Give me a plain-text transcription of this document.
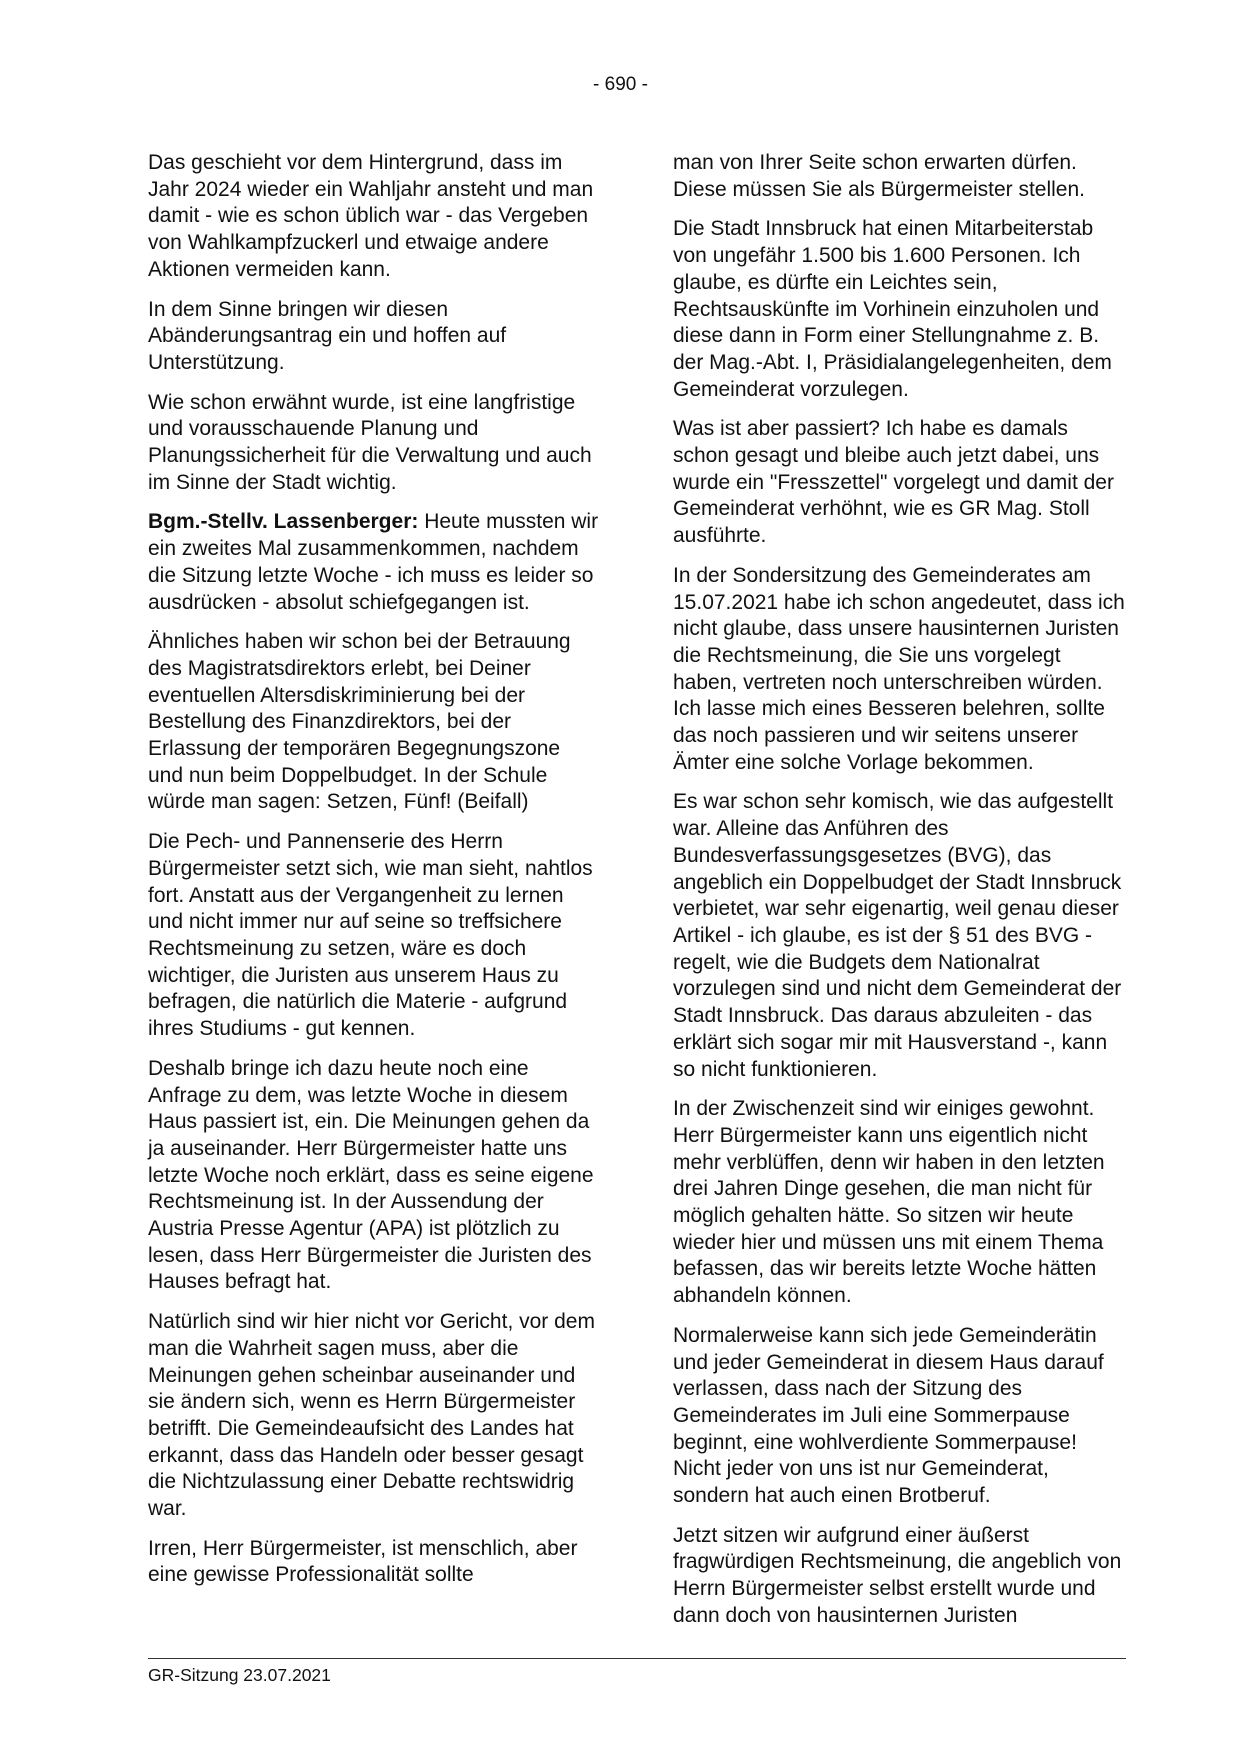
- 690 -

Das geschieht vor dem Hintergrund, dass im Jahr 2024 wieder ein Wahljahr ansteht und man damit - wie es schon üblich war - das Vergeben von Wahlkampfzuckerl und etwaige andere Aktionen vermeiden kann.

In dem Sinne bringen wir diesen Abänderungsantrag ein und hoffen auf Unterstützung.

Wie schon erwähnt wurde, ist eine langfristige und vorausschauende Planung und Planungssicherheit für die Verwaltung und auch im Sinne der Stadt wichtig.

Bgm.-Stellv. Lassenberger: Heute mussten wir ein zweites Mal zusammenkommen, nachdem die Sitzung letzte Woche - ich muss es leider so ausdrücken - absolut schiefgegangen ist.

Ähnliches haben wir schon bei der Betrauung des Magistratsdirektors erlebt, bei Deiner eventuellen Altersdiskriminierung bei der Bestellung des Finanzdirektors, bei der Erlassung der temporären Begegnungszone und nun beim Doppelbudget. In der Schule würde man sagen: Setzen, Fünf! (Beifall)

Die Pech- und Pannenserie des Herrn Bürgermeister setzt sich, wie man sieht, nahtlos fort. Anstatt aus der Vergangenheit zu lernen und nicht immer nur auf seine so treffsichere Rechtsmeinung zu setzen, wäre es doch wichtiger, die Juristen aus unserem Haus zu befragen, die natürlich die Materie - aufgrund ihres Studiums - gut kennen.

Deshalb bringe ich dazu heute noch eine Anfrage zu dem, was letzte Woche in diesem Haus passiert ist, ein. Die Meinungen gehen da ja auseinander. Herr Bürgermeister hatte uns letzte Woche noch erklärt, dass es seine eigene Rechtsmeinung ist. In der Aussendung der Austria Presse Agentur (APA) ist plötzlich zu lesen, dass Herr Bürgermeister die Juristen des Hauses befragt hat.

Natürlich sind wir hier nicht vor Gericht, vor dem man die Wahrheit sagen muss, aber die Meinungen gehen scheinbar auseinander und sie ändern sich, wenn es Herrn Bürgermeister betrifft. Die Gemeindeaufsicht des Landes hat erkannt, dass das Handeln oder besser gesagt die Nichtzulassung einer Debatte rechtswidrig war.

Irren, Herr Bürgermeister, ist menschlich, aber eine gewisse Professionalität sollte

man von Ihrer Seite schon erwarten dürfen. Diese müssen Sie als Bürgermeister stellen.

Die Stadt Innsbruck hat einen Mitarbeiterstab von ungefähr 1.500 bis 1.600 Personen. Ich glaube, es dürfte ein Leichtes sein, Rechtsauskünfte im Vorhinein einzuholen und diese dann in Form einer Stellungnahme z. B. der Mag.-Abt. I, Präsidialangelegenheiten, dem Gemeinderat vorzulegen.

Was ist aber passiert? Ich habe es damals schon gesagt und bleibe auch jetzt dabei, uns wurde ein "Fresszettel" vorgelegt und damit der Gemeinderat verhöhnt, wie es GR Mag. Stoll ausführte.

In der Sondersitzung des Gemeinderates am 15.07.2021 habe ich schon angedeutet, dass ich nicht glaube, dass unsere hausinternen Juristen die Rechtsmeinung, die Sie uns vorgelegt haben, vertreten noch unterschreiben würden. Ich lasse mich eines Besseren belehren, sollte das noch passieren und wir seitens unserer Ämter eine solche Vorlage bekommen.

Es war schon sehr komisch, wie das aufgestellt war. Alleine das Anführen des Bundesverfassungsgesetzes (BVG), das angeblich ein Doppelbudget der Stadt Innsbruck verbietet, war sehr eigenartig, weil genau dieser Artikel - ich glaube, es ist der § 51 des BVG - regelt, wie die Budgets dem Nationalrat vorzulegen sind und nicht dem Gemeinderat der Stadt Innsbruck. Das daraus abzuleiten - das erklärt sich sogar mir mit Hausverstand -, kann so nicht funktionieren.

In der Zwischenzeit sind wir einiges gewohnt. Herr Bürgermeister kann uns eigentlich nicht mehr verblüffen, denn wir haben in den letzten drei Jahren Dinge gesehen, die man nicht für möglich gehalten hätte. So sitzen wir heute wieder hier und müssen uns mit einem Thema befassen, das wir bereits letzte Woche hätten abhandeln können.

Normalerweise kann sich jede Gemeinderätin und jeder Gemeinderat in diesem Haus darauf verlassen, dass nach der Sitzung des Gemeinderates im Juli eine Sommerpause beginnt, eine wohlverdiente Sommerpause! Nicht jeder von uns ist nur Gemeinderat, sondern hat auch einen Brotberuf.

Jetzt sitzen wir aufgrund einer äußerst fragwürdigen Rechtsmeinung, die angeblich von Herrn Bürgermeister selbst erstellt wurde und dann doch von hausinternen Juristen

GR-Sitzung 23.07.2021
